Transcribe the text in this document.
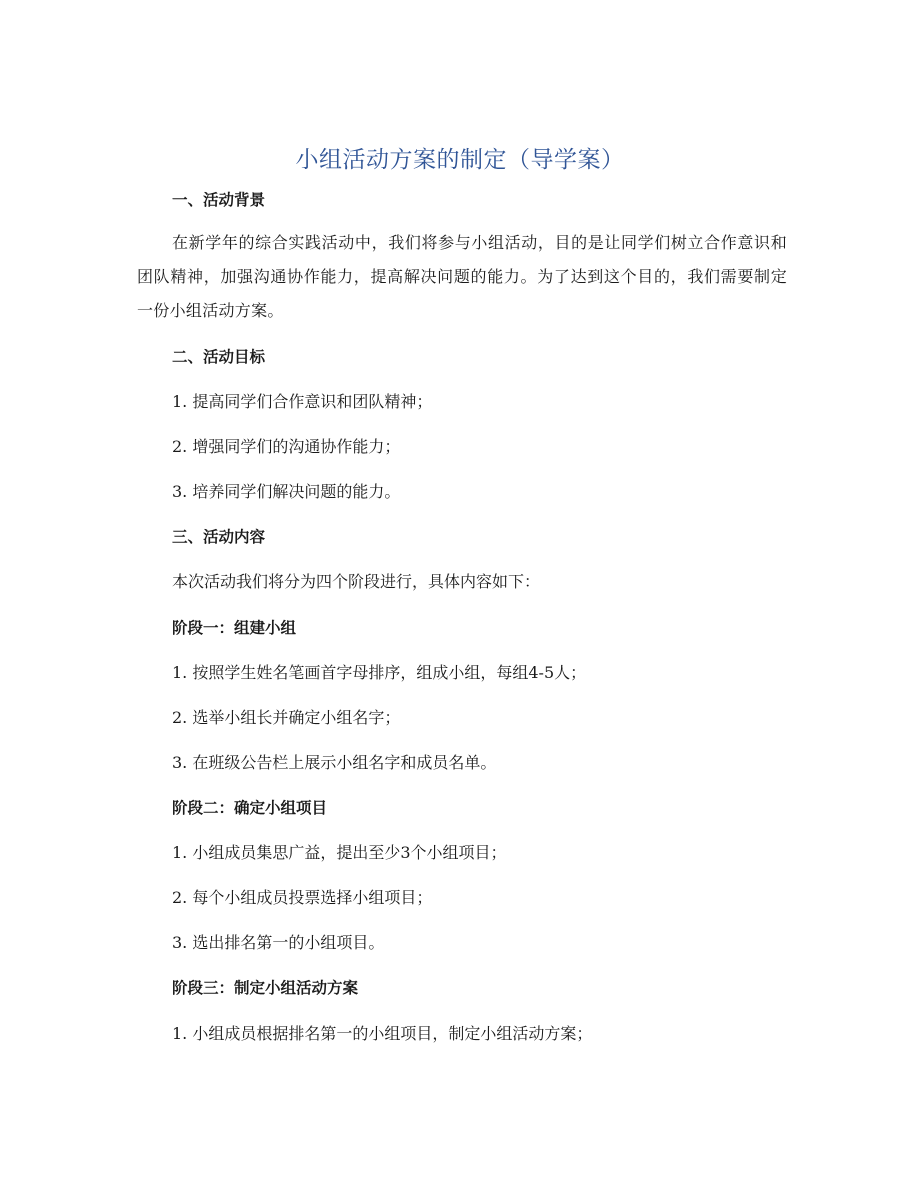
小组活动方案的制定（导学案）
一、活动背景
在新学年的综合实践活动中，我们将参与小组活动，目的是让同学们树立合作意识和团队精神，加强沟通协作能力，提高解决问题的能力。为了达到这个目的，我们需要制定一份小组活动方案。
二、活动目标
1. 提高同学们合作意识和团队精神；
2. 增强同学们的沟通协作能力；
3. 培养同学们解决问题的能力。
三、活动内容
本次活动我们将分为四个阶段进行，具体内容如下：
阶段一：组建小组
1. 按照学生姓名笔画首字母排序，组成小组，每组4-5人；
2. 选举小组长并确定小组名字；
3. 在班级公告栏上展示小组名字和成员名单。
阶段二：确定小组项目
1. 小组成员集思广益，提出至少3个小组项目；
2. 每个小组成员投票选择小组项目；
3. 选出排名第一的小组项目。
阶段三：制定小组活动方案
1. 小组成员根据排名第一的小组项目，制定小组活动方案；
